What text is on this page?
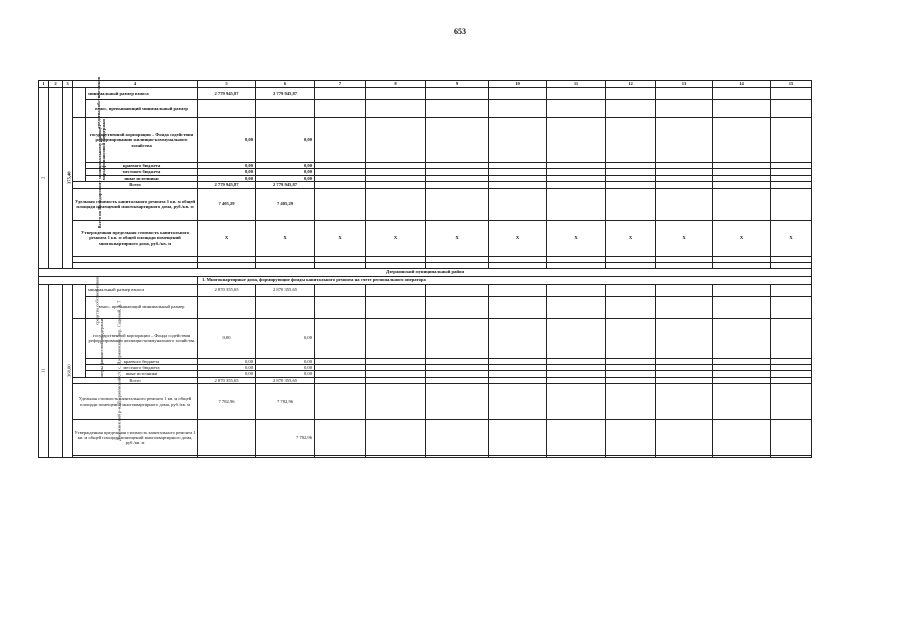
653
1	2	3	4		5	6	7	8	9	10	11	12	13	14	15
2	Всего по Володарскому муниципальному району	375,40	средства собствен-ников	минимальный размер взноса	2 779 945,87	2 779 945,87									
				взнос, превышающий минимальный размер											
			меры финансовой поддержки	государственной корпорации – Фонда содействия реформированию жилищно-коммунального хозяйства	0,00	0,00									
				краевого бюджета	0,00	0,00									
				местного бюджета	0,00	0,00									
				иные источники	0,00	0,00									
			Всего		2 779 945,87	2 779 945,87									
			Удельная стоимость капитального ремонта 1 кв. м общей площади помещений многоквартирного дома, руб./кв. м		7 405,29	7 405,29									
			Утвержденная предельная стоимость капитального ремонта 1 кв. м общей площади помещений многоквартирного дома, руб./кв. м		X	X	X	X	X	X	X	X	X	X	X

Дзержинский муниципальный район															
					1. Многоквартирные дома, формирующие фонды капитального ремонта на счете регионального оператора										
11	Дзержинский р-н, Дзержинский с/с, с. Дзержинское, пер. Садовый, д. 7	368,80	средства собствен-ников	минимальный размер взноса	2 870 355,65	2 870 355,65									
				взнос, превышающий минимальный размер											
			меры финансовой поддержки	государственной корпорации – Фонда содействия реформированию жилищно-коммунального хозяйства	0,00	0,00									
				краевого бюджета	0,00	0,00									
				местного бюджета	0,00	0,00									
				иные источники	0,00	0,00									
			Всего		2 870 355,65	2 870 355,65									
			Удельная стоимость капитального ремонта 1 кв. м общей площади помещений многоквартирного дома, руб./кв. м		7 782,96	7 782,96									
			Утвержденная предельная стоимость капитального ремонта 1 кв. м общей площади помещений многоквартирного дома, руб./кв. м			7 782,96									
